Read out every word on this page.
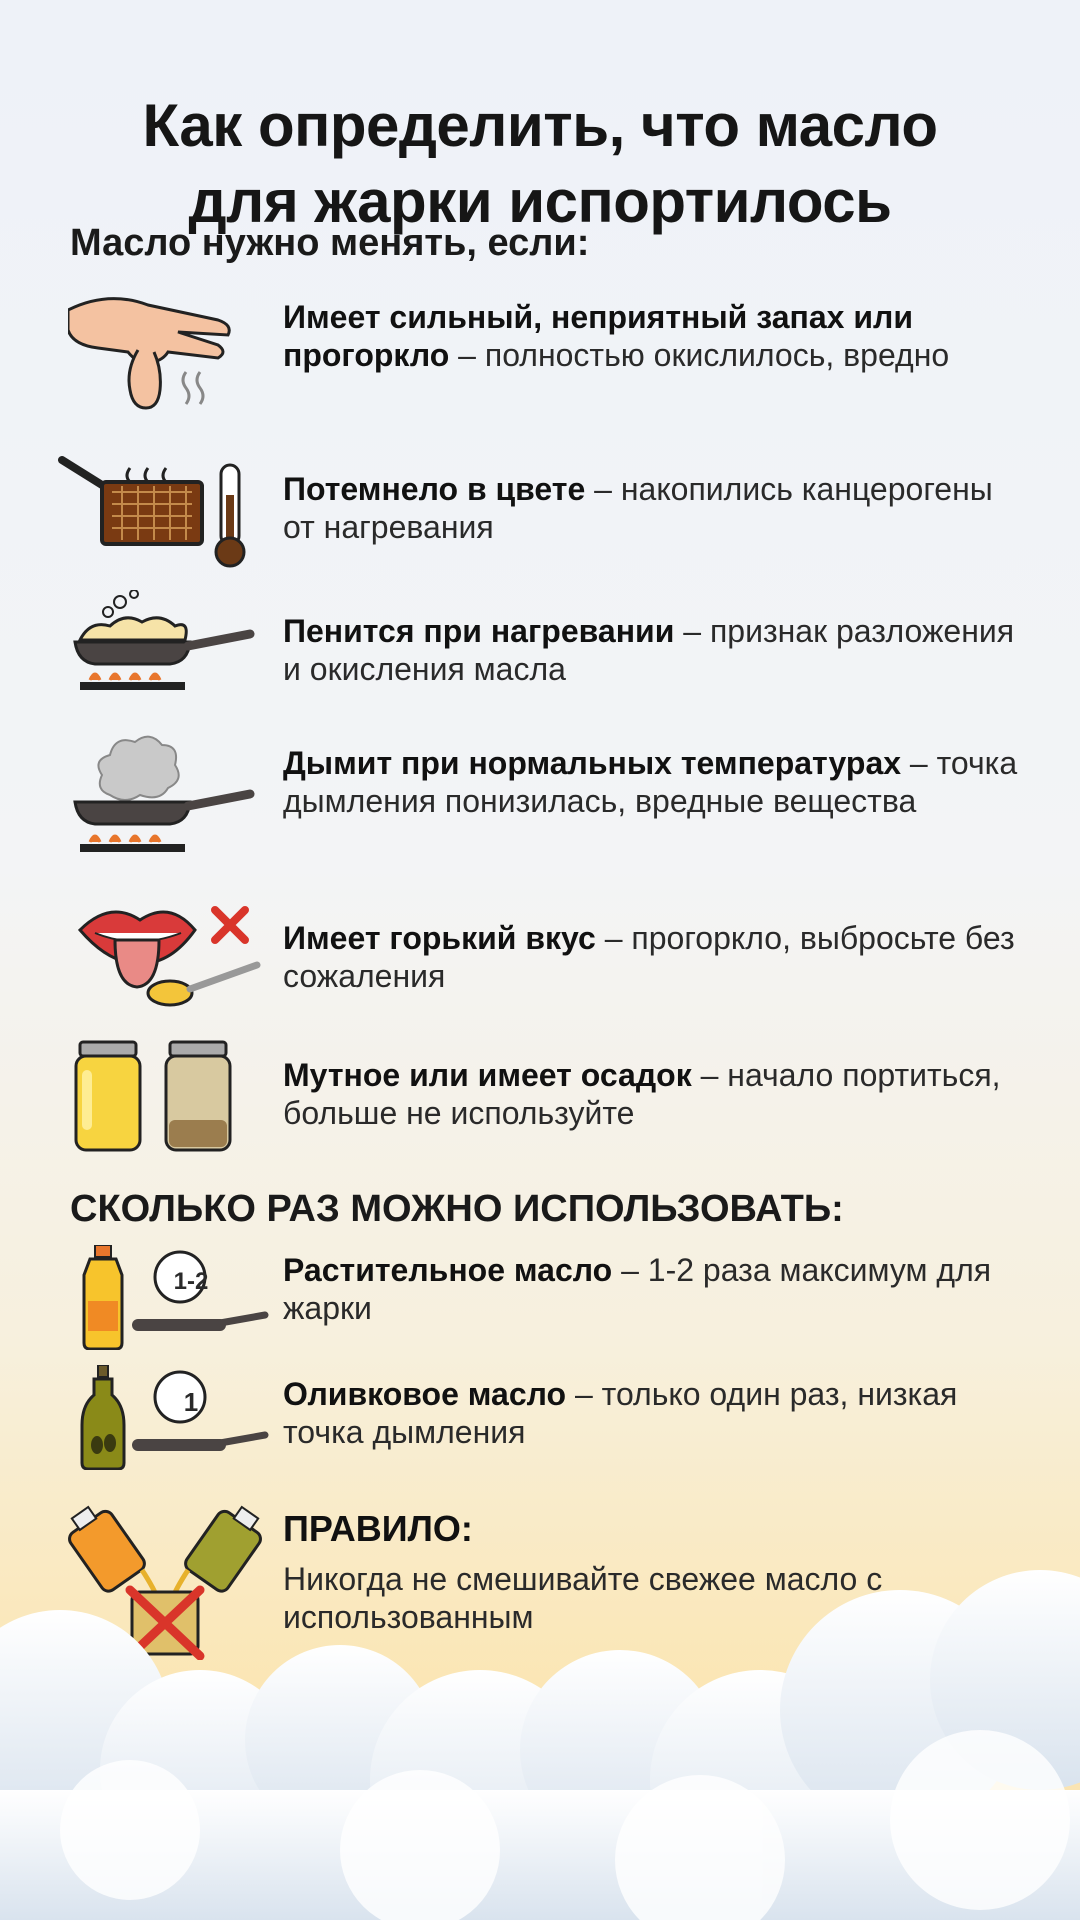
Как определить, что масло
для жарки испортилось
Масло нужно менять, если:
Имеет сильный, неприятный запах или прогоркло – полностью окислилось, вредно
Потемнело в цвете – накопились канцерогены от нагревания
Пенится при нагревании – признак разложения и окисления масла
Дымит при нормальных температурах – точка дымления понизилась, вредные вещества
Имеет горький вкус – прогоркло, выбросьте без сожаления
Мутное или имеет осадок – начало портиться, больше не используйте
СКОЛЬКО РАЗ МОЖНО ИСПОЛЬЗОВАТЬ:
1-2 Растительное масло – 1-2 раза максимум для жарки
1	Оливковое масло – только один раз, низкая точка дымления
ПРАВИЛО:
Никогда не смешивайте свежее масло с использованным
